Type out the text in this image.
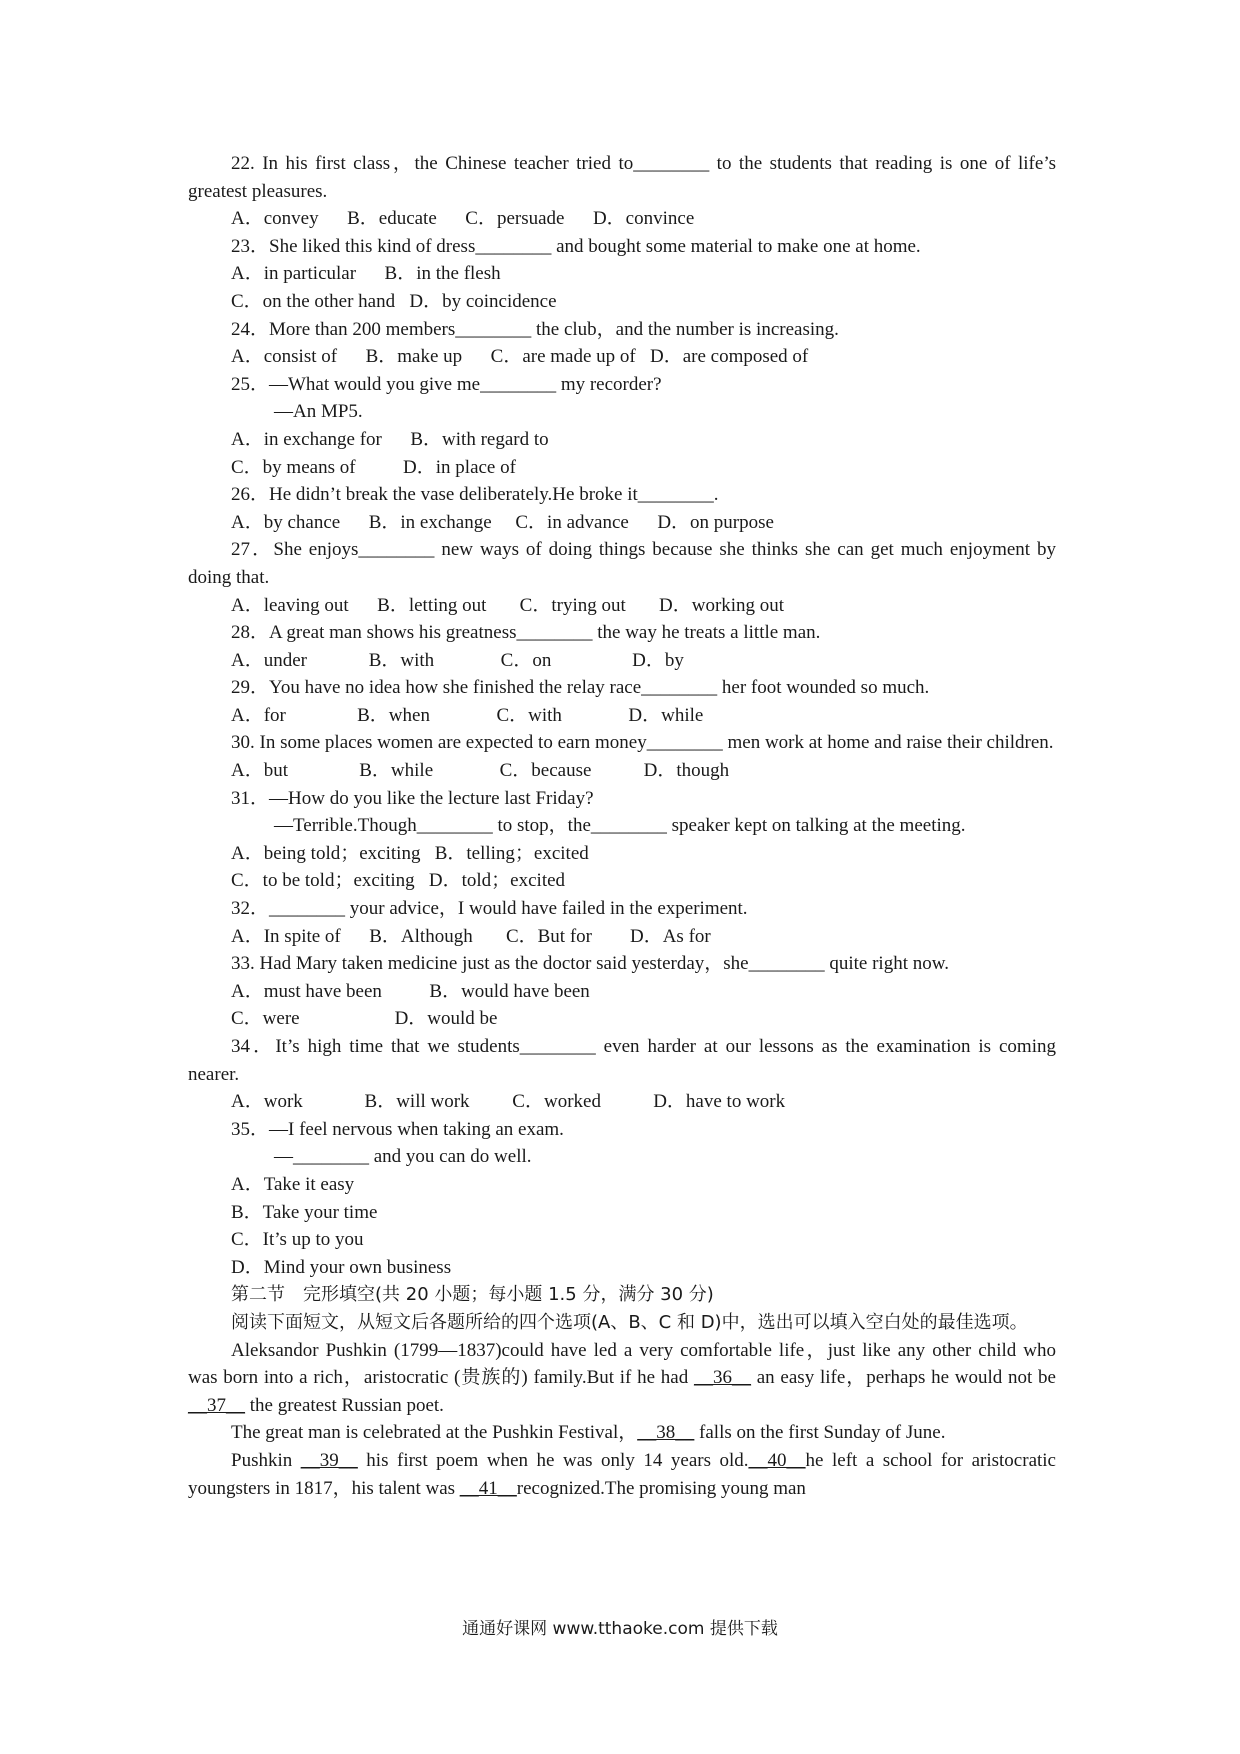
22. In his first class，the Chinese teacher tried to________ to the students that reading is one of life’s greatest pleasures.

A．convey      B．educate      C．persuade      D．convince

23．She liked this kind of dress________ and bought some material to make one at home.

A．in particular      B．in the flesh

C．on the other hand   D．by coincidence

24．More than 200 members________ the club，and the number is increasing.

A．consist of      B．make up      C．are made up of   D．are composed of

25．—What would you give me________ my recorder?

—An MP5.

A．in exchange for      B．with regard to

C．by means of          D．in place of

26．He didn’t break the vase deliberately.He broke it________.

A．by chance      B．in exchange     C．in advance      D．on purpose

27．She enjoys________ new ways of doing things because she thinks she can get much enjoyment by doing that.

A．leaving out      B．letting out       C．trying out       D．working out

28．A great man shows his greatness________ the way he treats a little man.

A．under             B．with              C．on                 D．by

29．You have no idea how she finished the relay race________ her foot wounded so much.

A．for               B．when              C．with              D．while

30. In some places women are expected to earn money________ men work at home and raise their children.

A．but               B．while              C．because           D．though

31．—How do you like the lecture last Friday?

—Terrible.Though________ to stop，the________ speaker kept on talking at the meeting.

A．being told；exciting   B．telling；excited

C．to be told；exciting   D．told；excited

32．________ your advice，I would have failed in the experiment.

A．In spite of      B．Although       C．But for        D．As for

33. Had Mary taken medicine just as the doctor said yesterday，she________ quite right now.

A．must have been          B．would have been

C．were                    D．would be

34．It’s high time that we students________ even harder at our lessons as the examination is coming nearer.

A．work             B．will work         C．worked           D．have to work

35．—I feel nervous when taking an exam.

—________ and you can do well.

A．Take it easy

B．Take your time

C．It’s up to you

D．Mind your own business

第二节　完形填空(共 20 小题；每小题 1.5 分，满分 30 分)

阅读下面短文，从短文后各题所给的四个选项(A、B、C 和 D)中，选出可以填入空白处的最佳选项。

Aleksandor Pushkin (1799—1837)could have led a very comfortable life，just like any other child who was born into a rich，aristocratic (贵族的) family.But if he had __36__ an easy life，perhaps he would not be __37__ the greatest Russian poet.

The great man is celebrated at the Pushkin Festival，__38__ falls on the first Sunday of June.

Pushkin __39__ his first poem when he was only 14 years old.__40__he left a school for aristocratic youngsters in 1817，his talent was __41__recognized.The promising young man

通通好课网 www.tthaoke.com 提供下载
